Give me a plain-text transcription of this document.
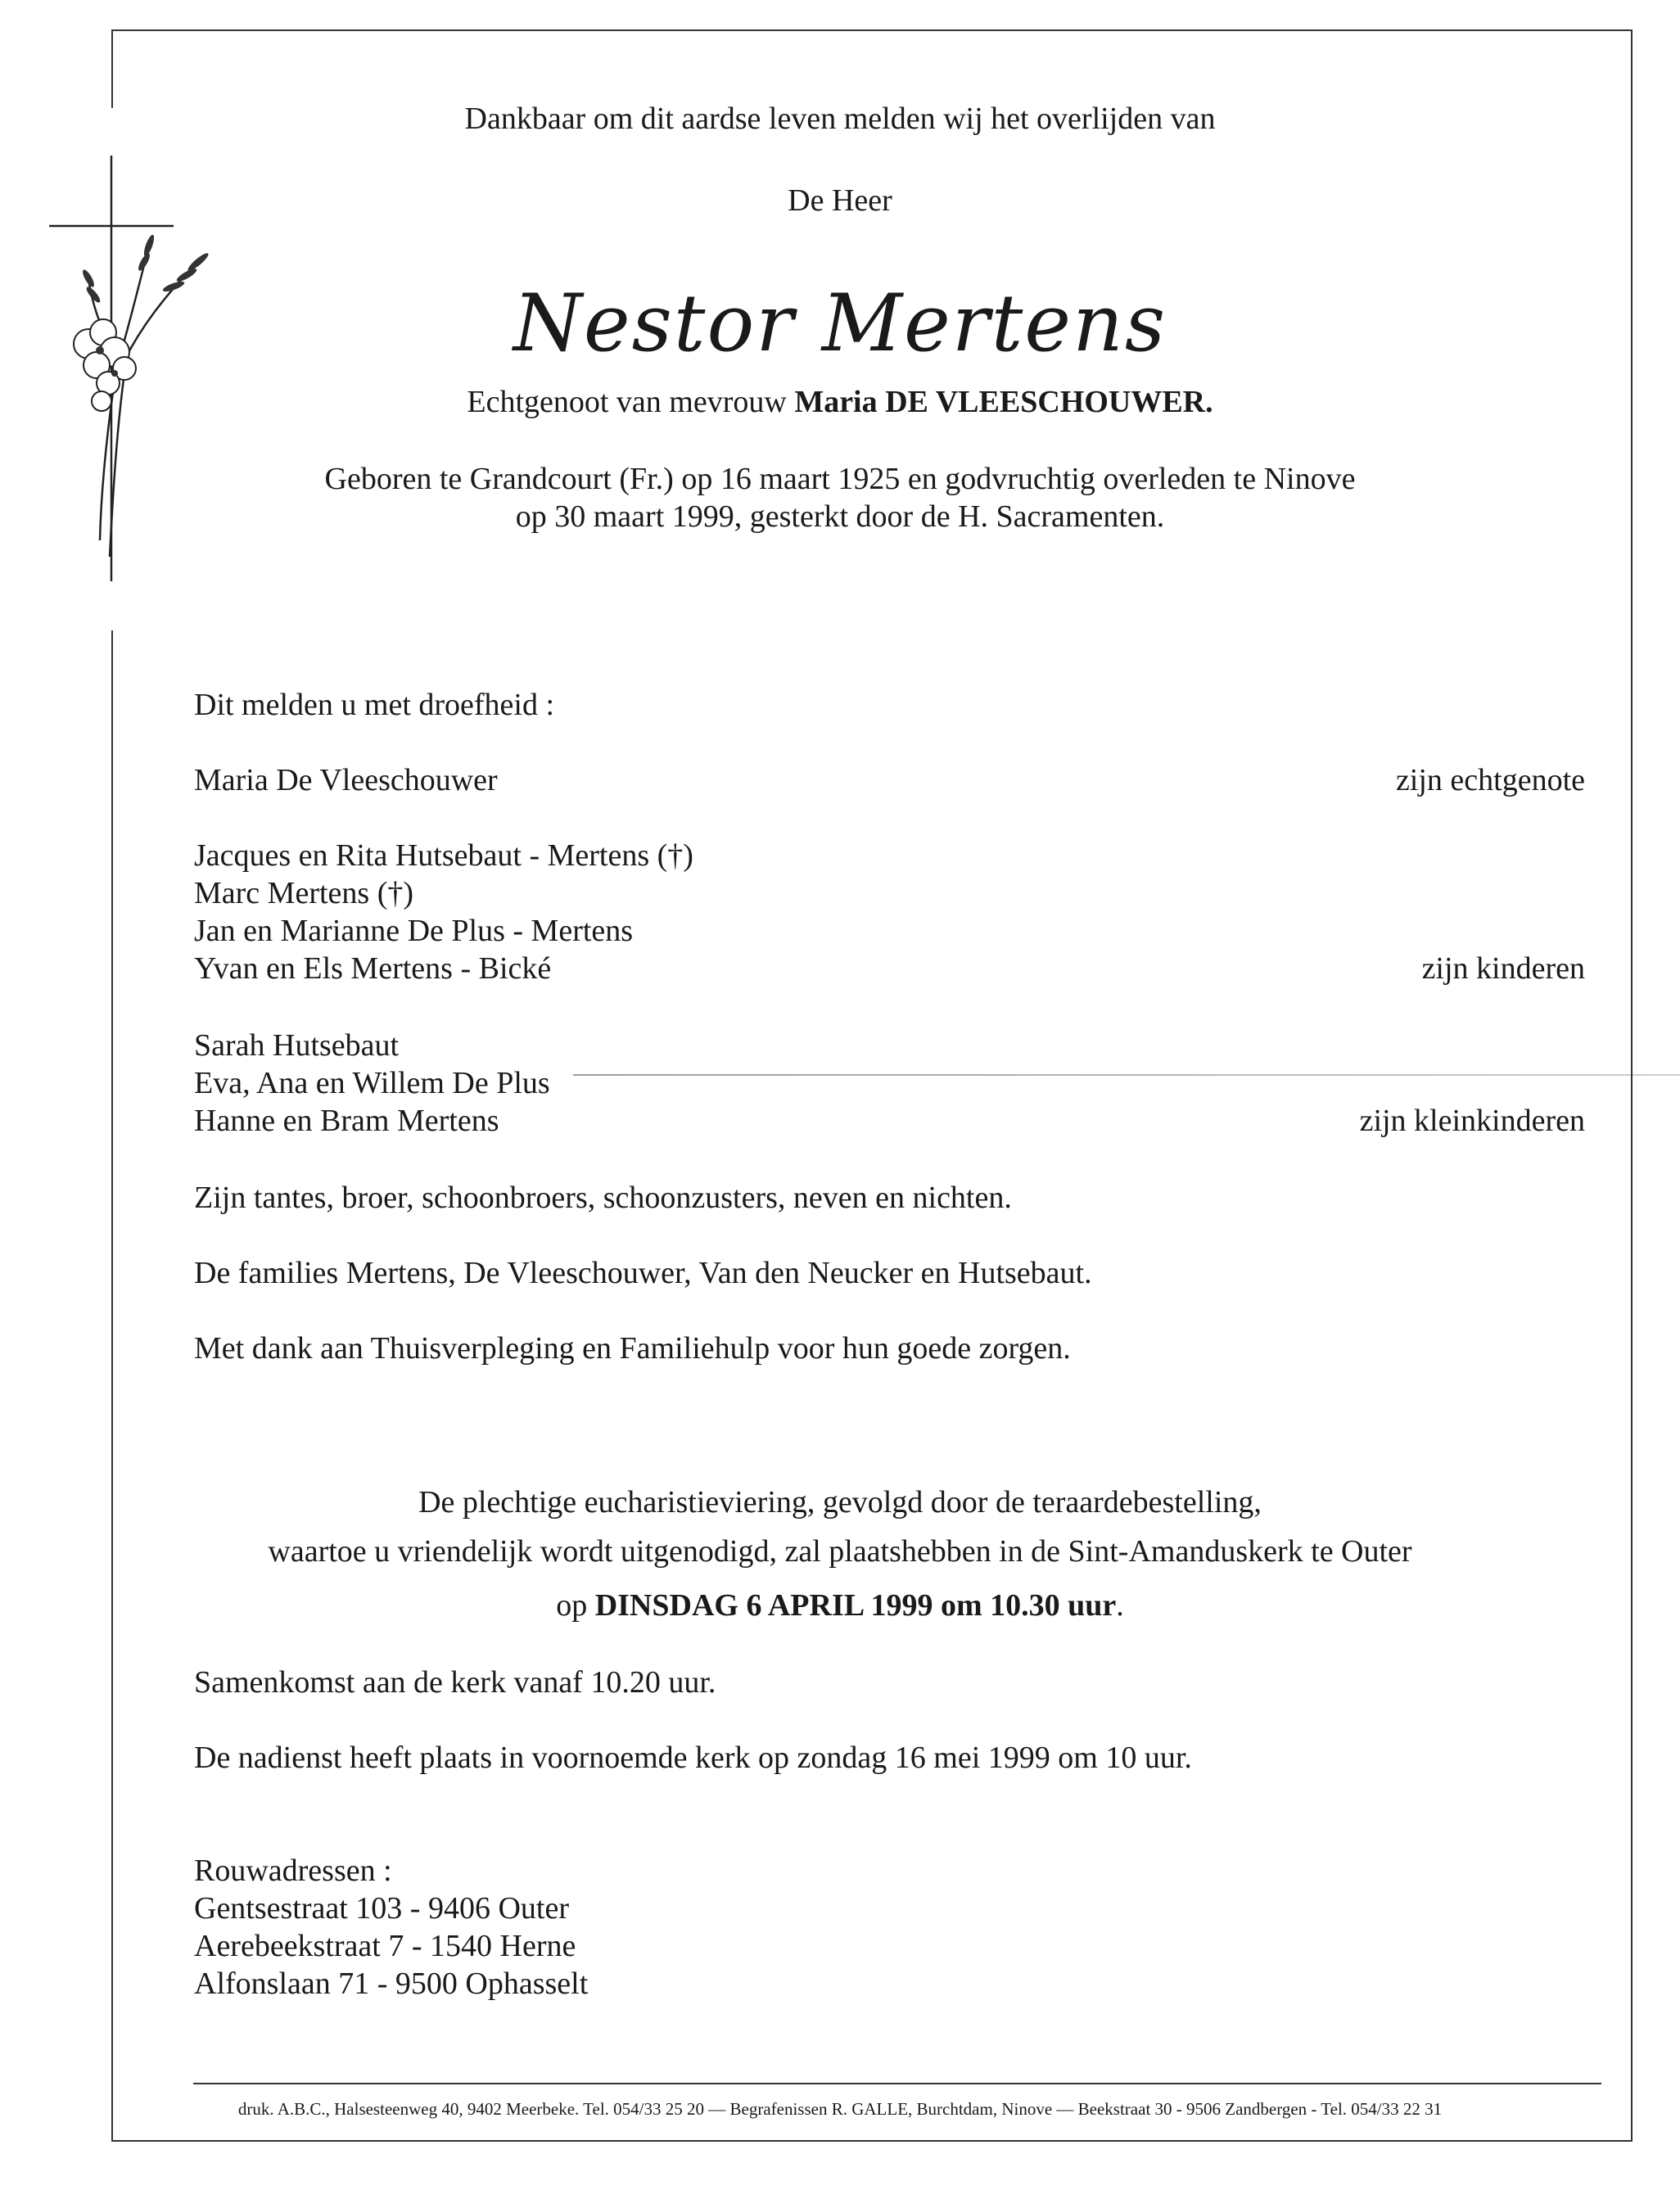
Dankbaar om dit aardse leven melden wij het overlijden van
De Heer
Nestor Mertens
Echtgenoot van mevrouw Maria DE VLEESCHOUWER.
Geboren te Grandcourt (Fr.) op 16 maart 1925 en godvruchtig overleden te Ninove
op 30 maart 1999, gesterkt door de H. Sacramenten.
Dit melden u met droefheid :
Maria De Vleeschouwer	zijn echtgenote
Jacques en Rita Hutsebaut - Mertens (†)
Marc Mertens (†)
Jan en Marianne De Plus - Mertens
Yvan en Els Mertens - Bické	zijn kinderen
Sarah Hutsebaut
Eva, Ana en Willem De Plus
Hanne en Bram Mertens	zijn kleinkinderen
Zijn tantes, broer, schoonbroers, schoonzusters, neven en nichten.
De families Mertens, De Vleeschouwer, Van den Neucker en Hutsebaut.
Met dank aan Thuisverpleging en Familiehulp voor hun goede zorgen.
De plechtige eucharistieviering, gevolgd door de teraardebestelling,
waartoe u vriendelijk wordt uitgenodigd, zal plaatshebben in de Sint-Amanduskerk te Outer
op DINSDAG 6 APRIL 1999 om 10.30 uur.
Samenkomst aan de kerk vanaf 10.20 uur.
De nadienst heeft plaats in voornoemde kerk op zondag 16 mei 1999 om 10 uur.
Rouwadressen :
Gentsestraat 103 - 9406 Outer
Aerebeekstraat 7 - 1540 Herne
Alfonslaan 71 - 9500 Ophasselt
druk. A.B.C., Halsesteenweg 40, 9402 Meerbeke. Tel. 054/33 25 20 — Begrafenissen R. GALLE, Burchtdam, Ninove — Beekstraat 30 - 9506 Zandbergen - Tel. 054/33 22 31
